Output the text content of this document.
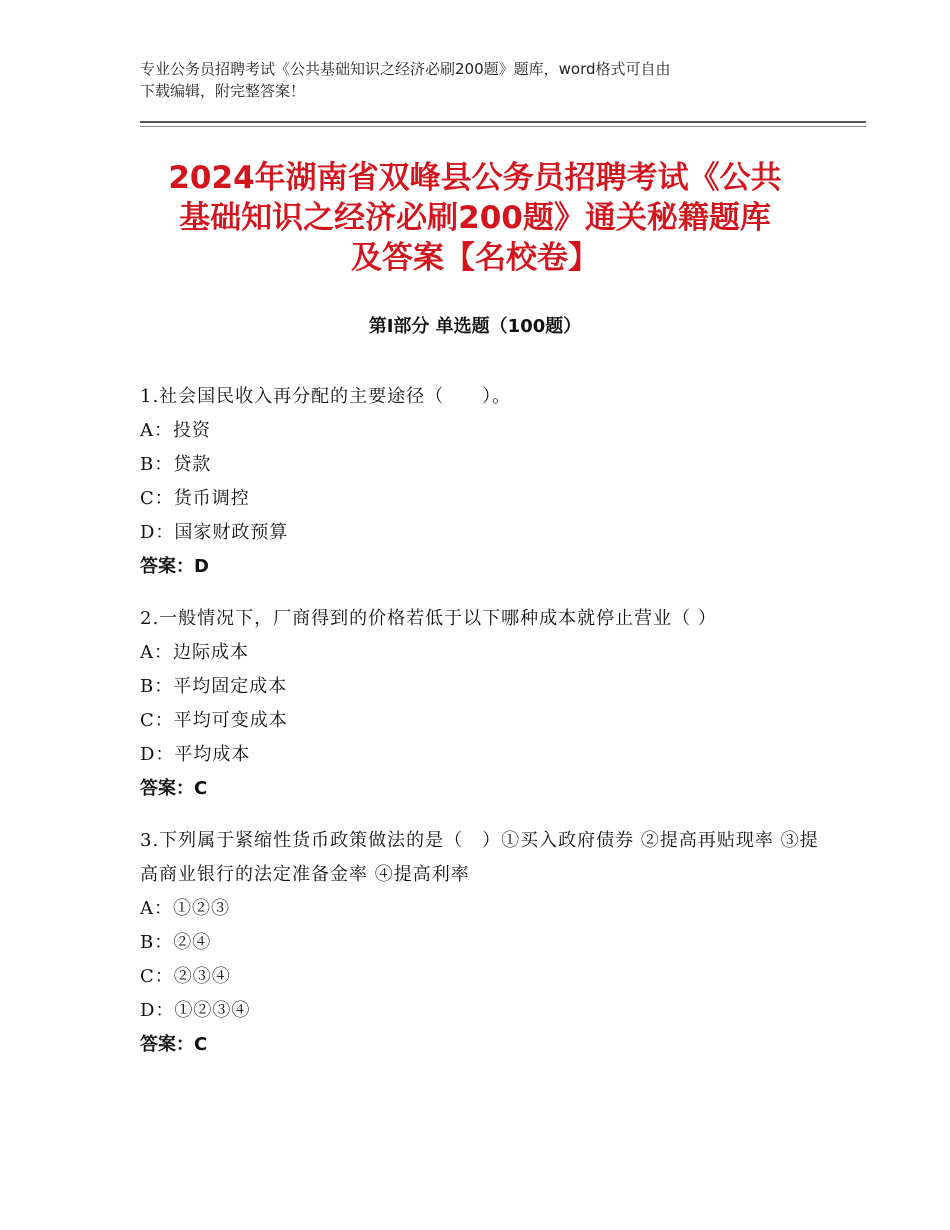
专业公务员招聘考试《公共基础知识之经济必刷200题》题库，word格式可自由
下载编辑，附完整答案！
2024年湖南省双峰县公务员招聘考试《公共
基础知识之经济必刷200题》通关秘籍题库
及答案【名校卷】
第Ⅰ部分 单选题（100题）
1.社会国民收入再分配的主要途径（　　）。
A：投资
B：贷款
C：货币调控
D：国家财政预算
答案：D
2.一般情况下，厂商得到的价格若低于以下哪种成本就停止营业（ ）
A：边际成本
B：平均固定成本
C：平均可变成本
D：平均成本
答案：C
3.下列属于紧缩性货币政策做法的是（　）①买入政府债券 ②提高再贴现率 ③提高商业银行的法定准备金率 ④提高利率
A：①②③
B：②④
C：②③④
D：①②③④
答案：C
